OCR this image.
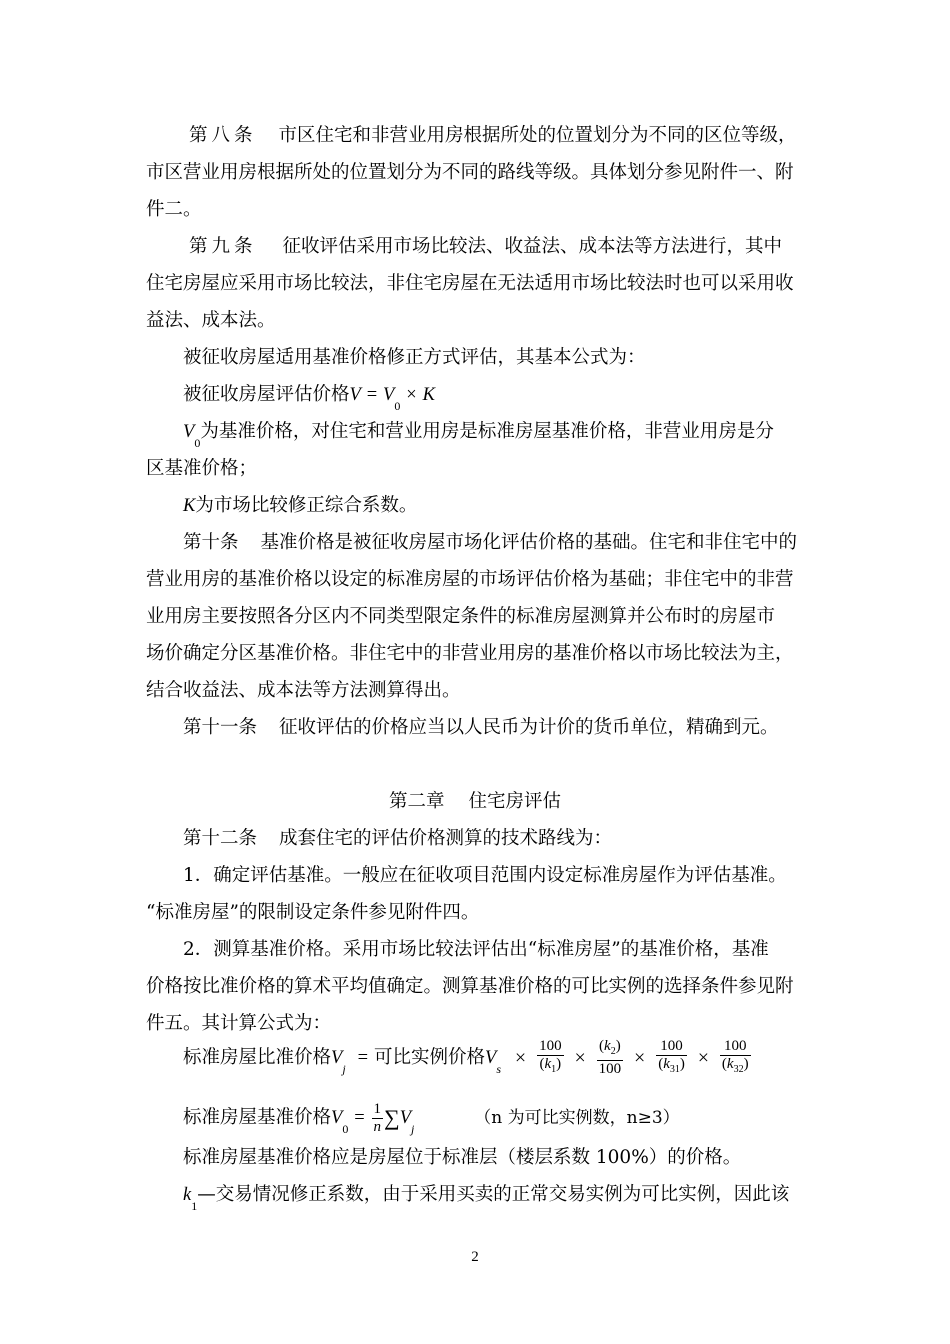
第八条 市区住宅和非营业用房根据所处的位置划分为不同的区位等级，
市区营业用房根据所处的位置划分为不同的路线等级。具体划分参见附件一、附
件二。
第九条 征收评估采用市场比较法、收益法、成本法等方法进行，其中
住宅房屋应采用市场比较法，非住宅房屋在无法适用市场比较法时也可以采用收
益法、成本法。
被征收房屋适用基准价格修正方式评估，其基本公式为：
被征收房屋评估价格$V = V_0 \times K$
$V_0$为基准价格，对住宅和营业用房是标准房屋基准价格，非营业用房是分
区基准价格；
K为市场比较修正综合系数。
第十条 基准价格是被征收房屋市场化评估价格的基础。住宅和非住宅中的
营业用房的基准价格以设定的标准房屋的市场评估价格为基础；非住宅中的非营
业用房主要按照各分区内不同类型限定条件的标准房屋测算并公布时的房屋市
场价确定分区基准价格。非住宅中的非营业用房的基准价格以市场比较法为主，
结合收益法、成本法等方法测算得出。
第十一条 征收评估的价格应当以人民币为计价的货币单位，精确到元。
第二章 住宅房评估
第十二条 成套住宅的评估价格测算的技术路线为：
1．确定评估基准。一般应在征收项目范围内设定标准房屋作为评估基准。
“标准房屋”的限制设定条件参见附件四。
2．测算基准价格。采用市场比较法评估出“标准房屋”的基准价格，基准
价格按比准价格的算术平均值确定。测算基准价格的可比实例的选择条件参见附
件五。其计算公式为：
标准房屋比准价格$V_j$ = 可比实例价格$V_s \times \frac{100}{(k_1)} \times \frac{(k_2)}{100} \times \frac{100}{(k_{31})} \times \frac{100}{(k_{32})}$
标准房屋基准价格$V_0 = \frac{1}{n} \sum V_j$ （n 为可比实例数，n≥3）
标准房屋基准价格应是房屋位于标准层（楼层系数 100%）的价格。
$k_1—$交易情况修正系数，由于采用买卖的正常交易实例为可比实例，因此该
2
